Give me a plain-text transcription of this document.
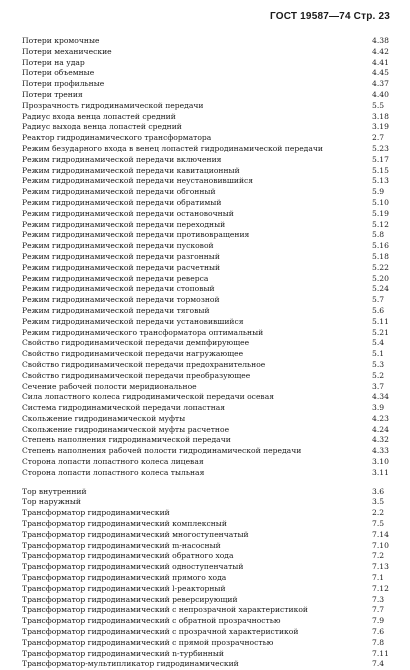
ГОСТ 19587—74 Стр. 23
Потери кромочные	4.38
Потери механические	4.42
Потери на удар	4.41
Потери объемные	4.45
Потери профильные	4.37
Потери трения	4.40
Прозрачность гидродинамической передачи	5.5
Радиус входа венца лопастей средний	3.18
Радиус выхода венца лопастей средний	3.19
Реактор гидродинамического трансформатора	2.7
Режим безударного входа в венец лопастей гидродинамической передачи	5.23
Режим гидродинамической передачи включения	5.17
Режим гидродинамической передачи кавитационный	5.15
Режим гидродинамической передачи неустановившийся	5.13
Режим гидродинамической передачи обгонный	5.9
Режим гидродинамической передачи обратимый	5.10
Режим гидродинамической передачи остановочный	5.19
Режим гидродинамической передачи переходный	5.12
Режим гидродинамической передачи противовращения	5.8
Режим гидродинамической передачи пусковой	5.16
Режим гидродинамической передачи разгонный	5.18
Режим гидродинамической передачи расчетный	5.22
Режим гидродинамической передачи реверса	5.20
Режим гидродинамической передачи стоповый	5.24
Режим гидродинамической передачи тормозной	5.7
Режим гидродинамической передачи тяговый	5.6
Режим гидродинамической передачи установившийся	5.11
Режим гидродинамического трансформатора оптимальный	5.21
Свойство гидродинамической передачи демпфирующее	5.4
Свойство гидродинамической передачи нагружающее	5.1
Свойство гидродинамической передачи предохранительное	5.3
Свойство гидродинамической передачи преобразующее	5.2
Сечение рабочей полости меридиональное	3.7
Сила лопастного колеса гидродинамической передачи осевая	4.34
Система гидродинамической передачи лопастная	3.9
Скольжение гидродинамической муфты	4.23
Скольжение гидродинамической муфты расчетное	4.24
Степень наполнения гидродинамической передачи	4.32
Степень наполнения рабочей полости гидродинамической передачи	4.33
Сторона лопасти лопастного колеса лицевая	3.10
Сторона лопасти лопастного колеса тыльная	3.11
Тор внутренний	3.6
Тор наружный	3.5
Трансформатор гидродинамический	2.2
Трансформатор гидродинамический комплексный	7.5
Трансформатор гидродинамический многоступенчатый	7.14
Трансформатор гидродинамический m-насосный	7.10
Трансформатор гидродинамический обратного хода	7.2
Трансформатор гидродинамический одноступенчатый	7.13
Трансформатор гидродинамический прямого хода	7.1
Трансформатор гидродинамический l-реакторный	7.12
Трансформатор гидродинамический реверсирующий	7.3
Трансформатор гидродинамический с непрозрачной характеристикой	7.7
Трансформатор гидродинамический с обратной прозрачностью	7.9
Трансформатор гидродинамический с прозрачной характеристикой	7.6
Трансформатор гидродинамический с прямой прозрачностью	7.8
Трансформатор гидродинамический n-турбинный	7.11
Трансформатор-мультипликатор гидродинамический	7.4
